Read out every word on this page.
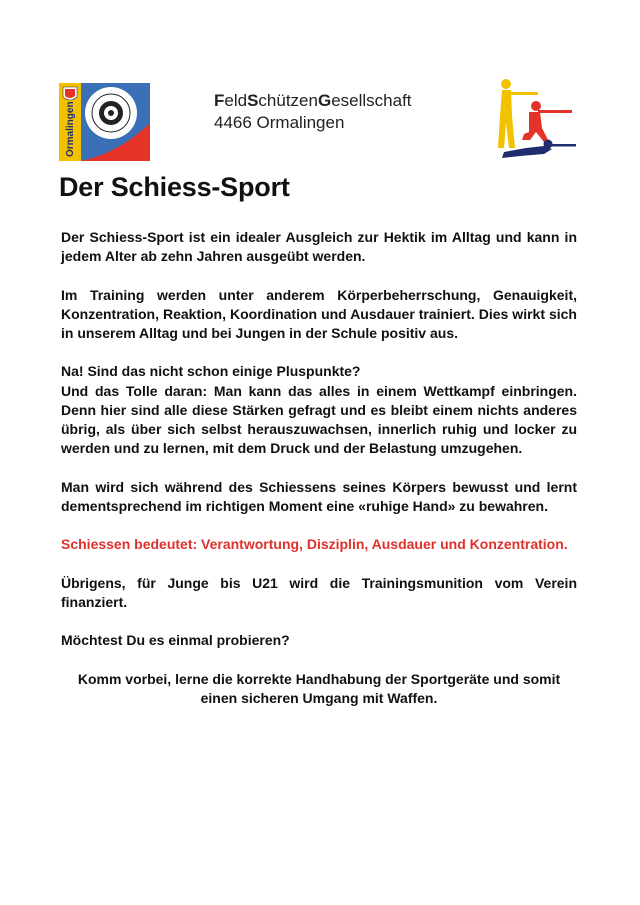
Ormalingen
FeldSchützenGesellschaft
4466 Ormalingen
Der Schiess-Sport

Der Schiess-Sport ist ein idealer Ausgleich zur Hektik im Alltag und kann in jedem Alter ab zehn Jahren ausgeübt werden.

Im Training werden unter anderem Körperbeherrschung, Genauigkeit, Konzentration, Reaktion, Koordination und Ausdauer trainiert. Dies wirkt sich in unserem Alltag und bei Jungen in der Schule positiv aus.

Na! Sind das nicht schon einige Pluspunkte?

Und das Tolle daran: Man kann das alles in einem Wettkampf einbringen. Denn hier sind alle diese Stärken gefragt und es bleibt einem nichts anderes übrig, als über sich selbst herauszuwachsen, innerlich ruhig und locker zu werden und zu lernen, mit dem Druck und der Belastung umzugehen.

Man wird sich während des Schiessens seines Körpers bewusst und lernt dementsprechend im richtigen Moment eine «ruhige Hand» zu bewahren.

Schiessen bedeutet: Verantwortung, Disziplin, Ausdauer und Konzentration.

Übrigens, für Junge bis U21 wird die Trainingsmunition vom Verein finanziert.

Möchtest Du es einmal probieren?

Komm vorbei, lerne die korrekte Handhabung der Sportgeräte und somit einen sicheren Umgang mit Waffen.
